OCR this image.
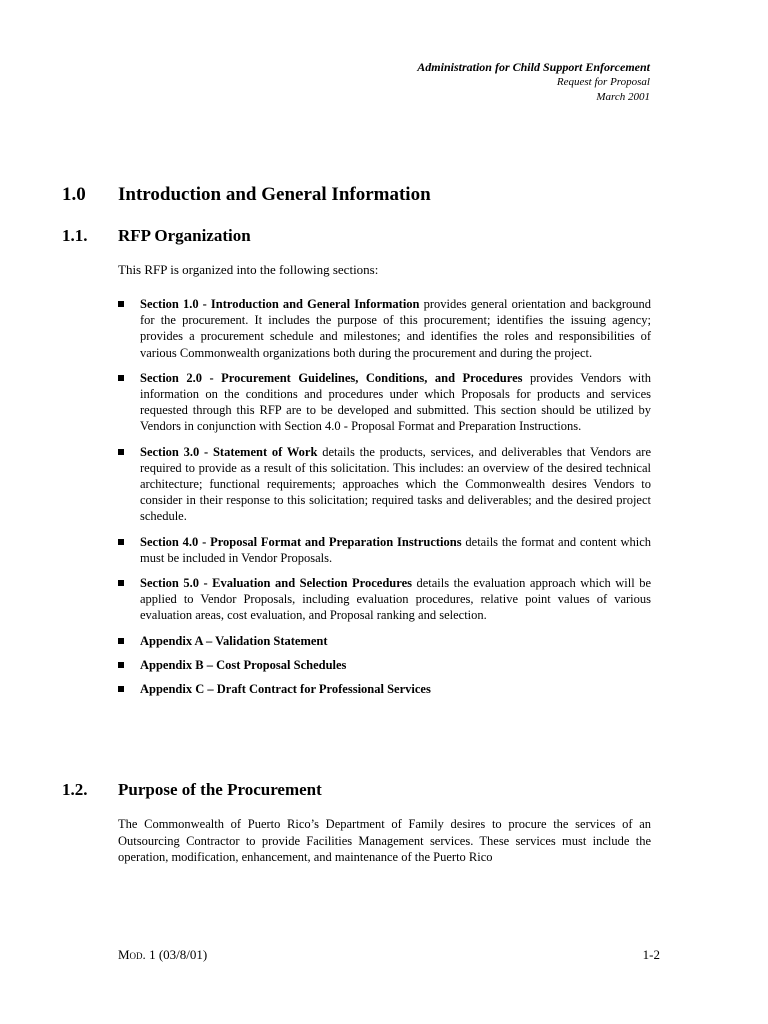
Administration for Child Support Enforcement
Request for Proposal
March 2001
1.0 Introduction and General Information
1.1. RFP Organization

This RFP is organized into the following sections:

Section 1.0 - Introduction and General Information provides general orientation and background for the procurement. It includes the purpose of this procurement; identifies the issuing agency; provides a procurement schedule and milestones; and identifies the roles and responsibilities of various Commonwealth organizations both during the procurement and during the project.
Section 2.0 - Procurement Guidelines, Conditions, and Procedures provides Vendors with information on the conditions and procedures under which Proposals for products and services requested through this RFP are to be developed and submitted. This section should be utilized by Vendors in conjunction with Section 4.0 - Proposal Format and Preparation Instructions.
Section 3.0 - Statement of Work details the products, services, and deliverables that Vendors are required to provide as a result of this solicitation. This includes: an overview of the desired technical architecture; functional requirements; approaches which the Commonwealth desires Vendors to consider in their response to this solicitation; required tasks and deliverables; and the desired project schedule.
Section 4.0 - Proposal Format and Preparation Instructions details the format and content which must be included in Vendor Proposals.
Section 5.0 - Evaluation and Selection Procedures details the evaluation approach which will be applied to Vendor Proposals, including evaluation procedures, relative point values of various evaluation areas, cost evaluation, and Proposal ranking and selection.
Appendix A – Validation Statement
Appendix B – Cost Proposal Schedules
Appendix C – Draft Contract for Professional Services
1.2. Purpose of the Procurement

The Commonwealth of Puerto Rico’s Department of Family desires to procure the services of an Outsourcing Contractor to provide Facilities Management services. These services must include the operation, modification, enhancement, and maintenance of the Puerto Rico

Mod. 1 (03/8/01)	1-2
